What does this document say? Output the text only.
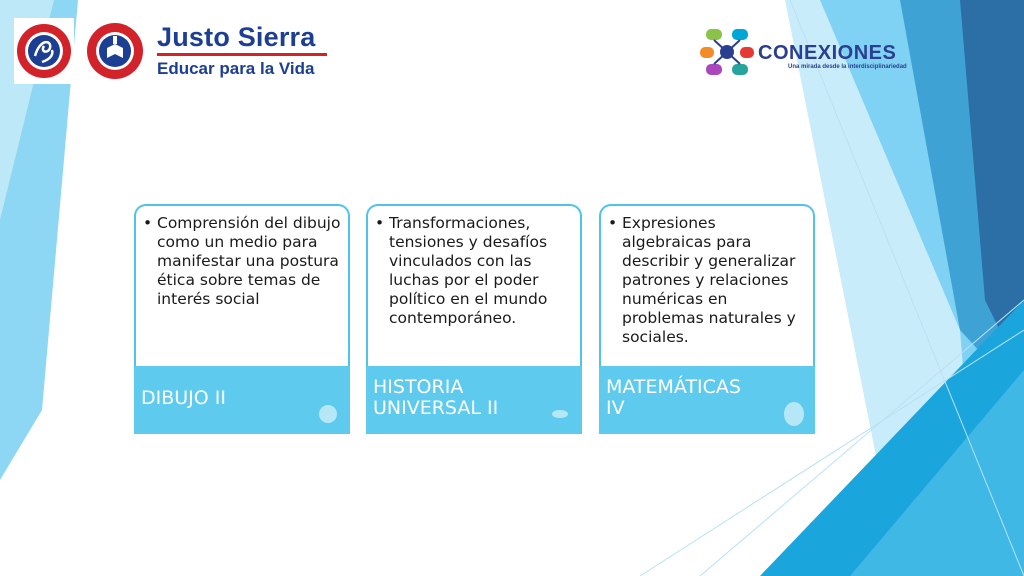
Justo Sierra
Educar para la Vida
CONEXIONES
Una mirada desde la interdisciplinariedad
• Comprensión del dibujo como un medio para manifestar una postura ética sobre temas de interés social
DIBUJO II
• Transformaciones, tensiones y desafíos vinculados con las luchas por el poder político en el mundo contemporáneo.
HISTORIA
UNIVERSAL II
• Expresiones algebraicas para describir y generalizar patrones y relaciones numéricas en problemas naturales y sociales.
MATEMÁTICAS
IV
